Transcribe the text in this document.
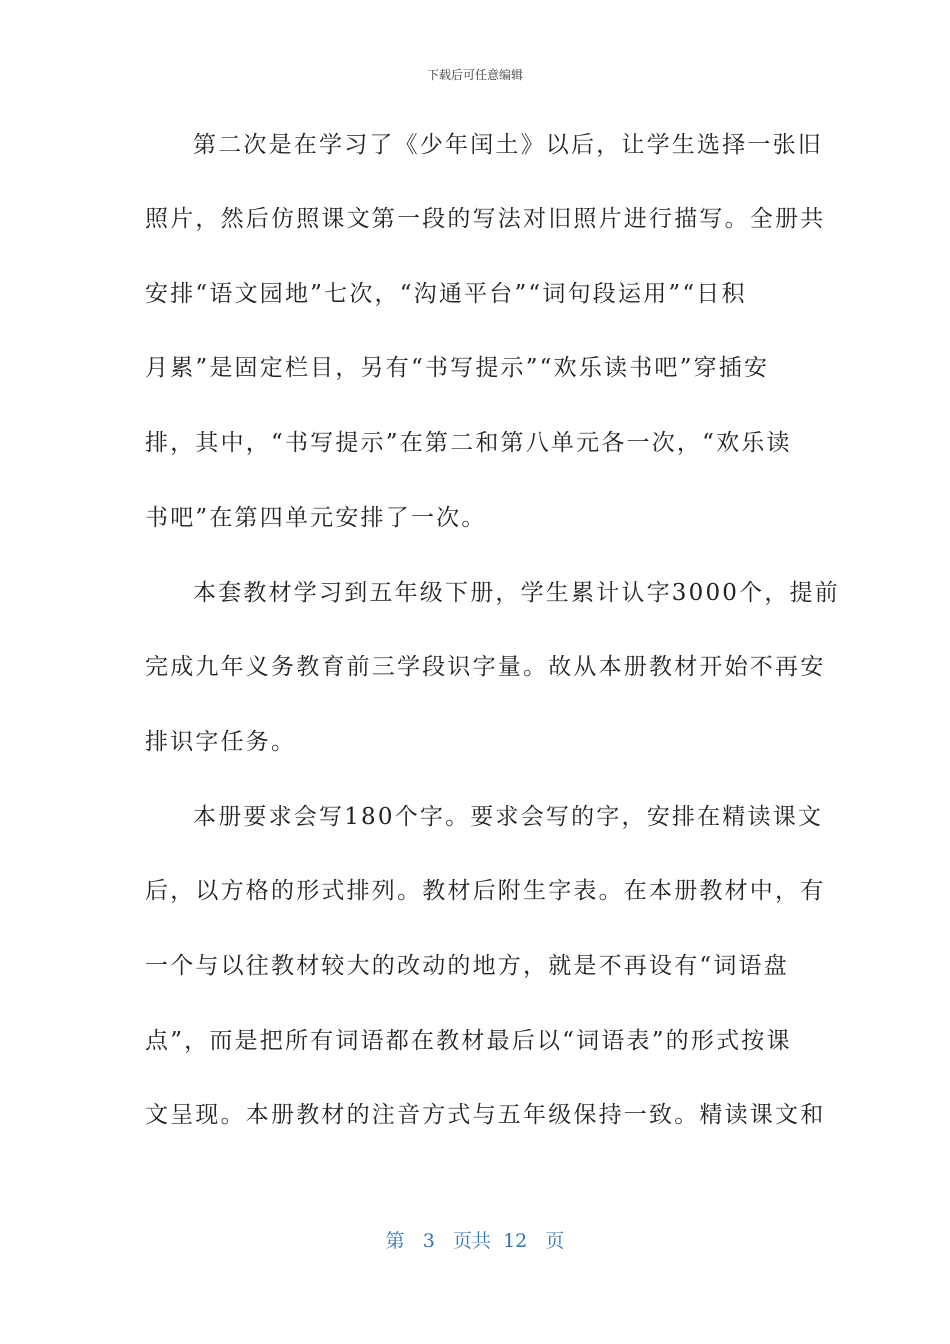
下载后可任意编辑
第二次是在学习了《少年闰土》以后，让学生选择一张旧
照片，然后仿照课文第一段的写法对旧照片进行描写。全册共
安排“语文园地”七次，“沟通平台”“词句段运用”“日积
月累”是固定栏目，另有“书写提示”“欢乐读书吧”穿插安
排，其中，“书写提示”在第二和第八单元各一次，“欢乐读
书吧”在第四单元安排了一次。
本套教材学习到五年级下册，学生累计认字3000个，提前
完成九年义务教育前三学段识字量。故从本册教材开始不再安
排识字任务。
本册要求会写180个字。要求会写的字，安排在精读课文
后，以方格的形式排列。教材后附生字表。在本册教材中，有
一个与以往教材较大的改动的地方，就是不再设有“词语盘
点”，而是把所有词语都在教材最后以“词语表”的形式按课
文呈现。本册教材的注音方式与五年级保持一致。精读课文和
第 3 页共 12 页
